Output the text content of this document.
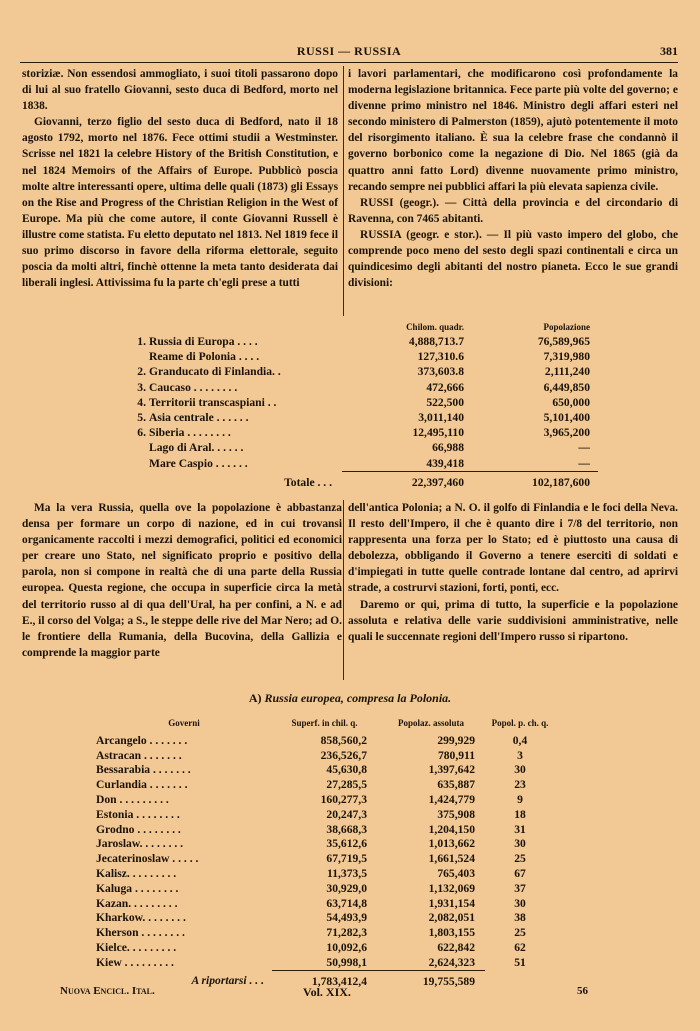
RUSSI — RUSSIA	381

storiziæ. Non essendosi ammogliato, i suoi titoli passarono dopo di lui al suo fratello Giovanni, sesto duca di Bedford, morto nel 1838.

Giovanni, terzo figlio del sesto duca di Bedford, nato il 18 agosto 1792, morto nel 1876. Fece ottimi studii a Westminster. Scrisse nel 1821 la celebre History of the British Constitution, e nel 1824 Memoirs of the Affairs of Europe. Pubblicò poscia molte altre interessanti opere, ultima delle quali (1873) gli Essays on the Rise and Progress of the Christian Religion in the West of Europe. Ma più che come autore, il conte Giovanni Russell è illustre come statista. Fu eletto deputato nel 1813. Nel 1819 fece il suo primo discorso in favore della riforma elettorale, seguito poscia da molti altri, finchè ottenne la meta tanto desiderata dai liberali inglesi. Attivissima fu la parte ch'egli prese a tutti

i lavori parlamentari, che modificarono così profondamente la moderna legislazione britannica. Fece parte più volte del governo; e divenne primo ministro nel 1846. Ministro degli affari esteri nel secondo ministero di Palmerston (1859), ajutò potentemente il moto del risorgimento italiano. È sua la celebre frase che condannò il governo borbonico come la negazione di Dio. Nel 1865 (già da quattro anni fatto Lord) divenne nuovamente primo ministro, recando sempre nei pubblici affari la più elevata sapienza civile.

RUSSI (geogr.). — Città della provincia e del circondario di Ravenna, con 7465 abitanti.

RUSSIA (geogr. e stor.). — Il più vasto impero del globo, che comprende poco meno del sesto degli spazi continentali e circa un quindicesimo degli abitanti del nostro pianeta. Ecco le sue grandi divisioni:

		Chilom. quadr.	Popolazione
1.	Russia di Europa . . . .	4,888,713.7	76,589,965
	Reame di Polonia . . . .	127,310.6	7,319,980
2.	Granducato di Finlandia. .	373,603.8	2,111,240
3.	Caucaso . . . . . . . .	472,666	6,449,850
4.	Territorii transcaspiani . .	522,500	650,000
5.	Asia centrale . . . . . .	3,011,140	5,101,400
6.	Siberia . . . . . . . .	12,495,110	3,965,200
	Lago di Aral. . . . . .	66,988	—
	Mare Caspio . . . . . .	439,418	—
	Totale . . .	22,397,460	102,187,600

Ma la vera Russia, quella ove la popolazione è abbastanza densa per formare un corpo di nazione, ed in cui trovansi organicamente raccolti i mezzi demografici, politici ed economici per creare uno Stato, nel significato proprio e positivo della parola, non si compone in realtà che di una parte della Russia europea. Questa regione, che occupa in superficie circa la metà del territorio russo al di qua dell'Ural, ha per confini, a N. e ad E., il corso del Volga; a S., le steppe delle rive del Mar Nero; ad O. le frontiere della Rumania, della Bucovina, della Gallizia e comprende la maggior parte

dell'antica Polonia; a N. O. il golfo di Finlandia e le foci della Neva. Il resto dell'Impero, il che è quanto dire i 7/8 del territorio, non rappresenta una forza per lo Stato; ed è piuttosto una causa di debolezza, obbligando il Governo a tenere eserciti di soldati e d'impiegati in tutte quelle contrade lontane dal centro, ad aprirvi strade, a costrurvi stazioni, forti, ponti, ecc.

Daremo or qui, prima di tutto, la superficie e la popolazione assoluta e relativa delle varie suddivisioni amministrative, nelle quali le succennate regioni dell'Impero russo si ripartono.

A) Russia europea, compresa la Polonia.
Governi	Superf. in chil. q.	Popolaz. assoluta	Popol. p. ch. q.
Arcangelo . . . . . . .	858,560,2	299,929	0,4
Astracan . . . . . . .	236,526,7	780,911	3
Bessarabia . . . . . . .	45,630,8	1,397,642	30
Curlandia . . . . . . .	27,285,5	635,887	23
Don . . . . . . . . .	160,277,3	1,424,779	9
Estonia . . . . . . . .	20,247,3	375,908	18
Grodno . . . . . . . .	38,668,3	1,204,150	31
Jaroslaw. . . . . . . .	35,612,6	1,013,662	30
Jecaterinoslaw . . . . .	67,719,5	1,661,524	25
Kalisz. . . . . . . . .	11,373,5	765,403	67
Kaluga . . . . . . . .	30,929,0	1,132,069	37
Kazan. . . . . . . . .	63,714,8	1,931,154	30
Kharkow. . . . . . . .	54,493,9	2,082,051	38
Kherson . . . . . . . .	71,282,3	1,803,155	25
Kielce. . . . . . . . .	10,092,6	622,842	62
Kiew . . . . . . . . .	50,998,1	2,624,323	51
A riportarsi . . .	1,783,412,4	19,755,589	
Nuova Encicl. Ital.	Vol. XIX.	56
